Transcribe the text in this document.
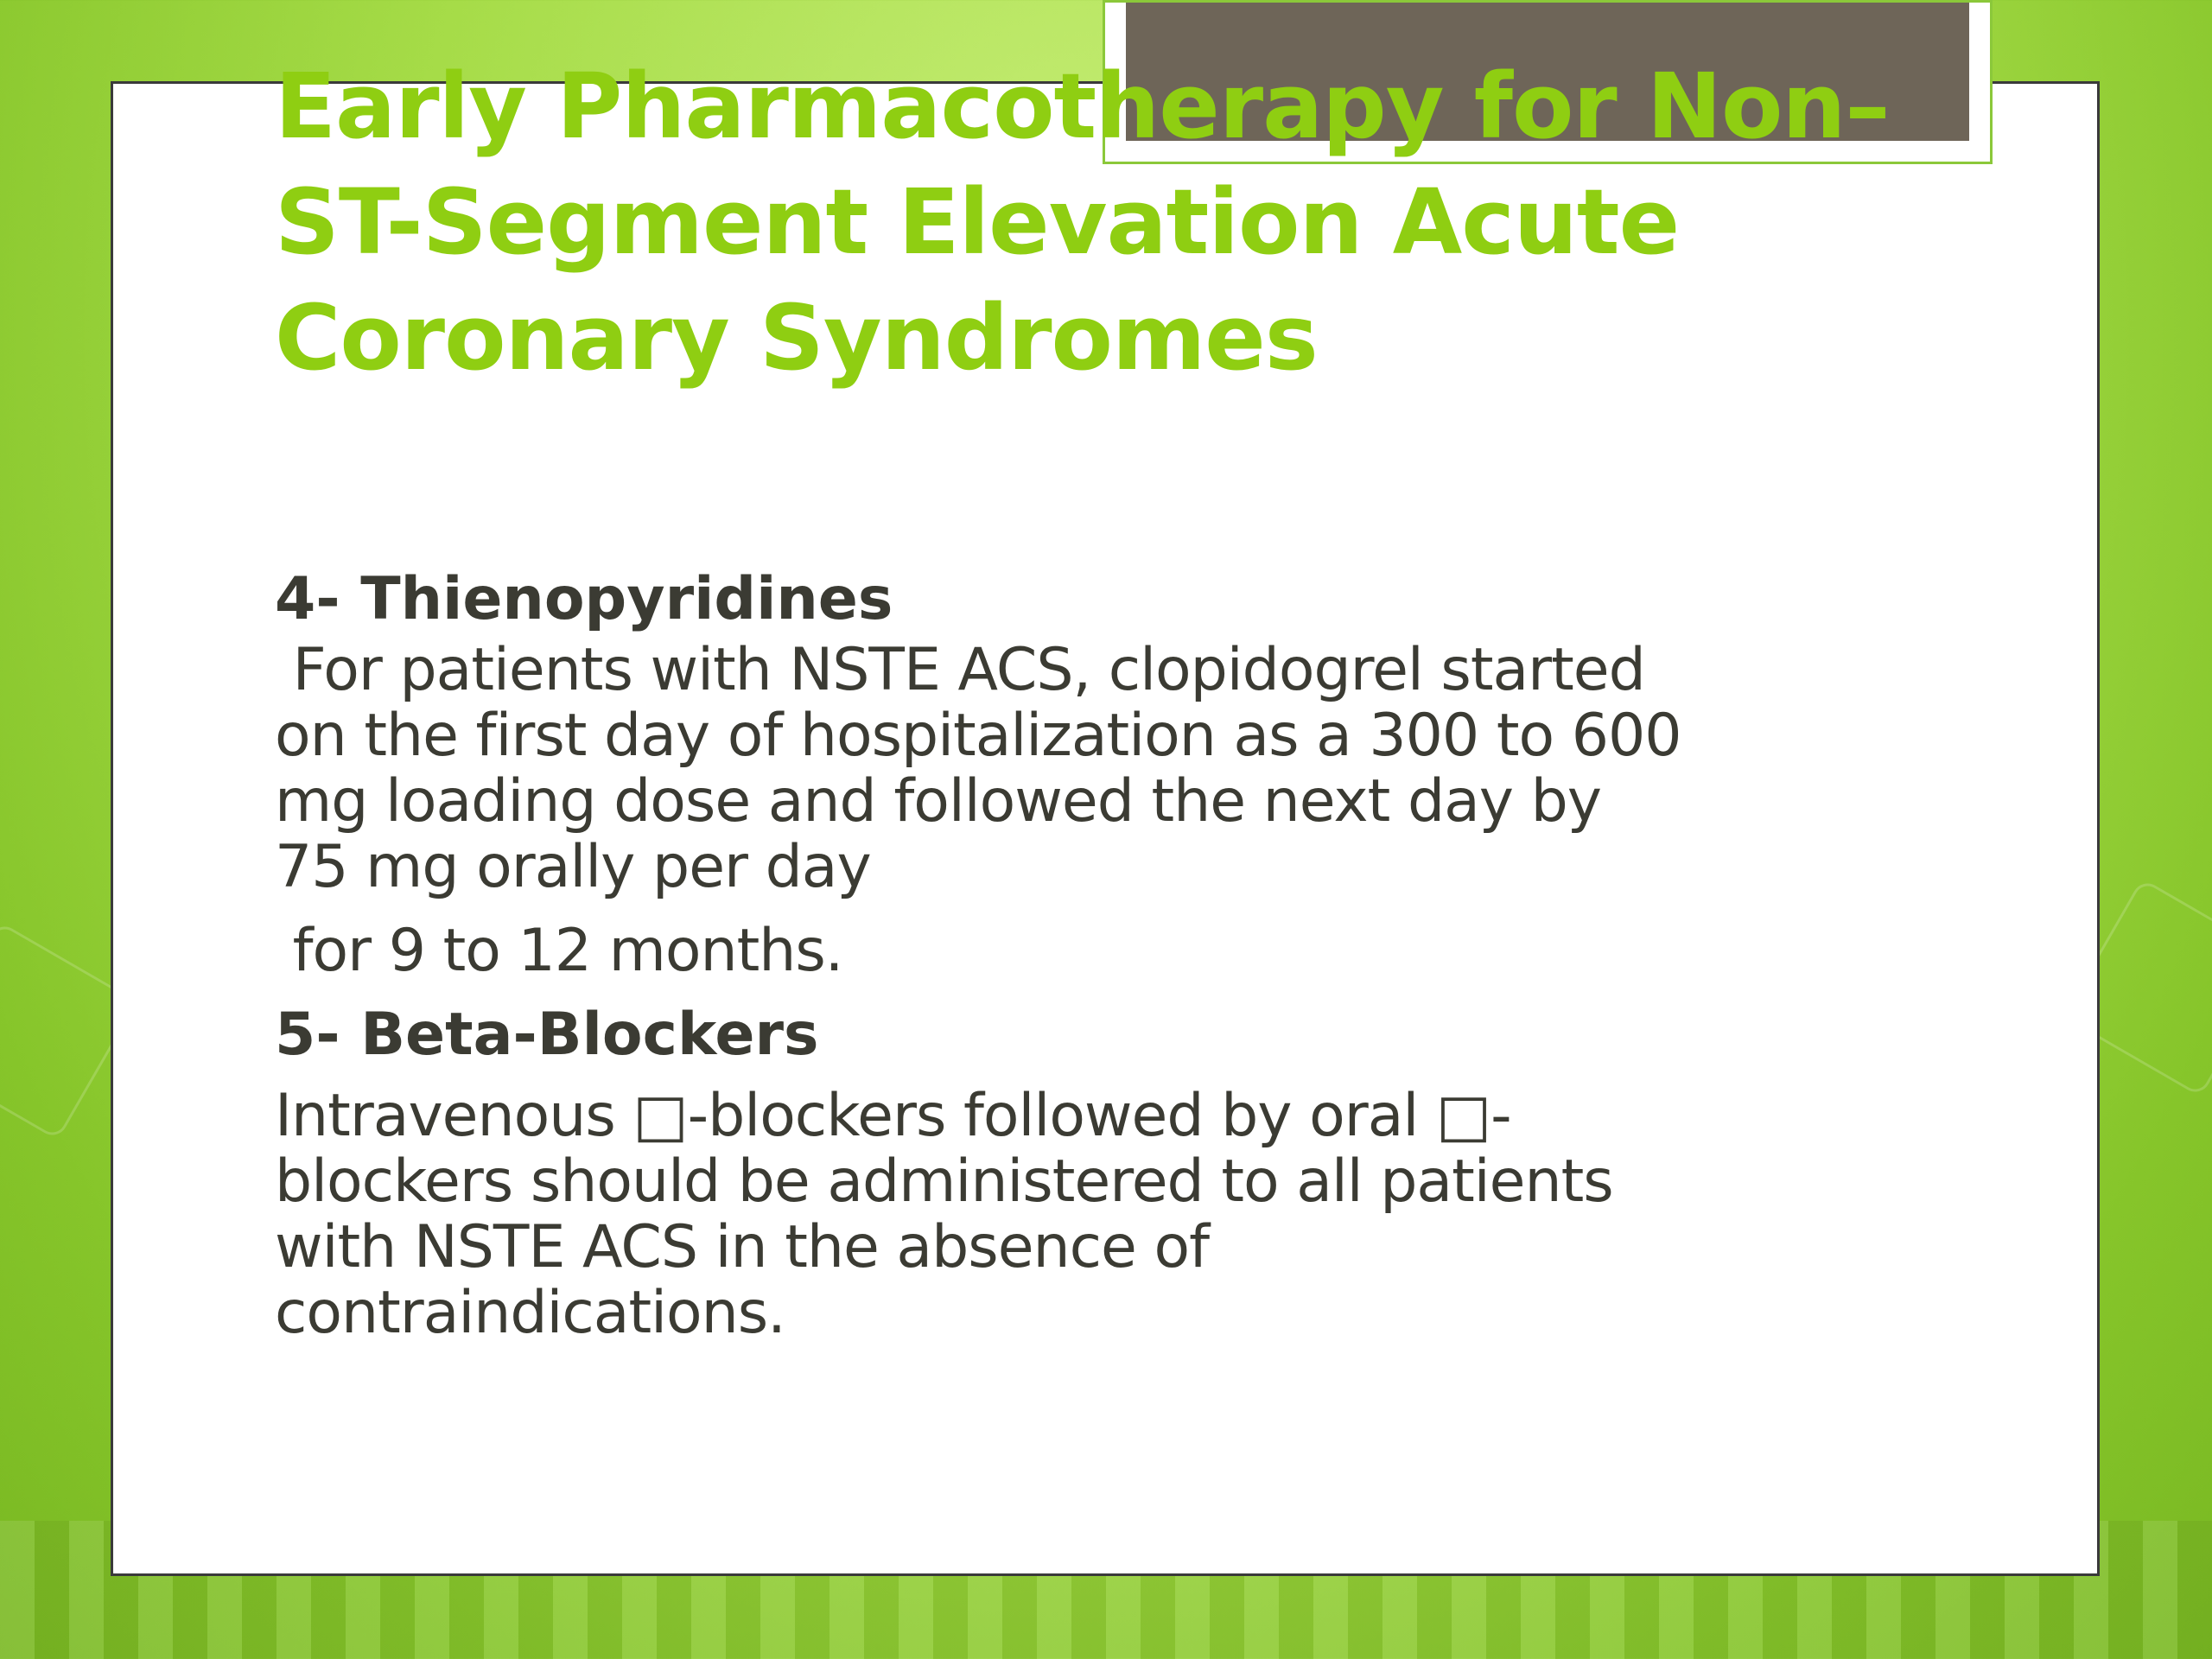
Early Pharmacotherapy for Non–
ST-Segment Elevation Acute
Coronary Syndromes

4- Thienopyridines

For patients with NSTE ACS, clopidogrel started

on the first day of hospitalization as a 300 to 600

mg loading dose and followed the next day by

75 mg orally per day

for 9 to 12 months.

5- Beta-Blockers

Intravenous □-blockers followed by oral □-

blockers should be administered to all patients

with NSTE ACS in the absence of

contraindications.
